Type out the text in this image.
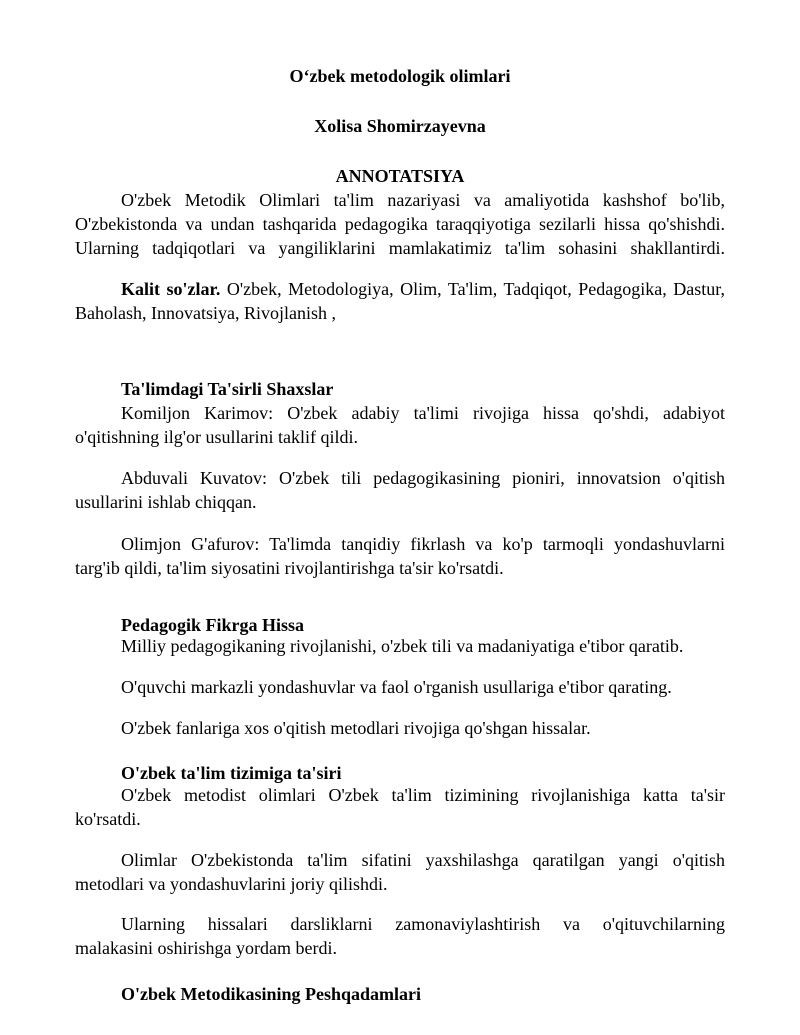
O‘zbek metodologik olimlari
Xolisa Shomirzayevna
ANNOTATSIYA
O'zbek Metodik Olimlari ta'lim nazariyasi va amaliyotida kashshof bo'lib,
O'zbekistonda va undan tashqarida pedagogika taraqqiyotiga sezilarli hissa qo'shishdi.
Ularning tadqiqotlari va yangiliklarini mamlakatimiz ta'lim sohasini shakllantirdi.
Kalit so'zlar. O'zbek, Metodologiya, Olim, Ta'lim, Tadqiqot, Pedagogika, Dastur,
Baholash, Innovatsiya, Rivojlanish ,
Ta'limdagi Ta'sirli Shaxslar
Komiljon Karimov: O'zbek adabiy ta'limi rivojiga hissa qo'shdi, adabiyot
o'qitishning ilg'or usullarini taklif qildi.
Abduvali Kuvatov: O'zbek tili pedagogikasining pioniri, innovatsion o'qitish
usullarini ishlab chiqqan.
Olimjon G'afurov: Ta'limda tanqidiy fikrlash va ko'p tarmoqli yondashuvlarni
targ'ib qildi, ta'lim siyosatini rivojlantirishga ta'sir ko'rsatdi.
Pedagogik Fikrga Hissa
Milliy pedagogikaning rivojlanishi, o'zbek tili va madaniyatiga e'tibor qaratib.
O'quvchi markazli yondashuvlar va faol o'rganish usullariga e'tibor qarating.
O'zbek fanlariga xos o'qitish metodlari rivojiga qo'shgan hissalar.
O'zbek ta'lim tizimiga ta'siri
O'zbek metodist olimlari O'zbek ta'lim tizimining rivojlanishiga katta ta'sir
ko'rsatdi.
Olimlar O'zbekistonda ta'lim sifatini yaxshilashga qaratilgan yangi o'qitish
metodlari va yondashuvlarini joriy qilishdi.
Ularning hissalari darsliklarni zamonaviylashtirish va o'qituvchilarning
malakasini oshirishga yordam berdi.
O'zbek Metodikasining Peshqadamlari
